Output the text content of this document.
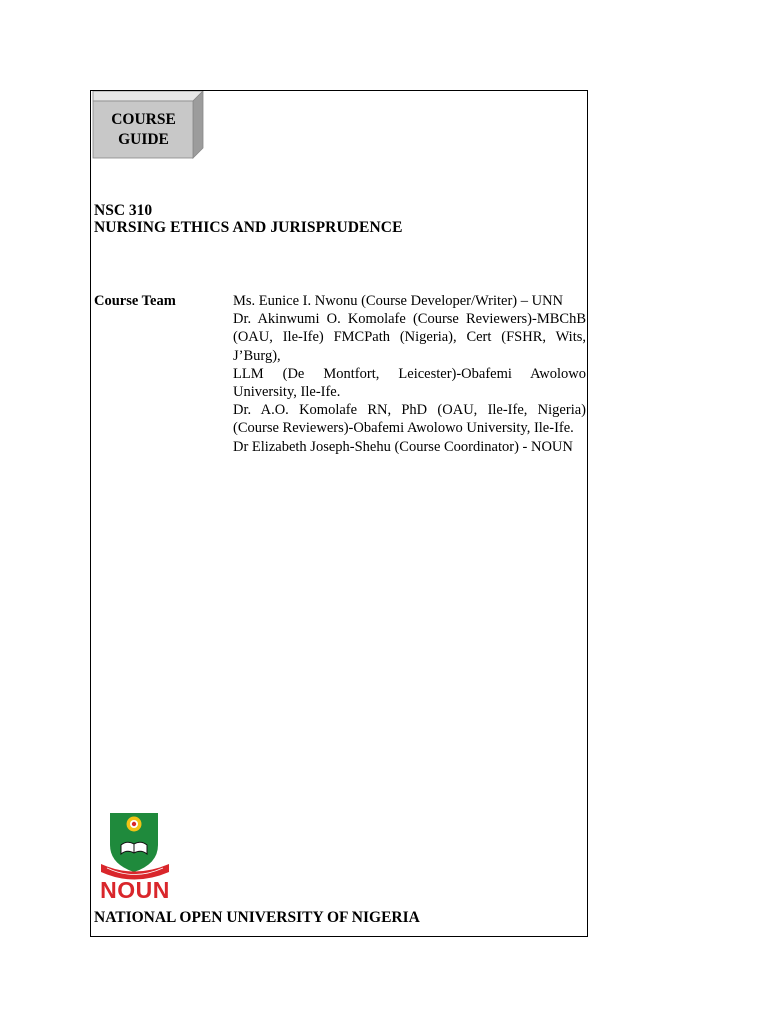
COURSE
GUIDE
NSC 310
NURSING ETHICS AND JURISPRUDENCE
Course Team	Ms. Eunice I. Nwonu (Course Developer/Writer) – UNN
Dr. Akinwumi O. Komolafe (Course Reviewers)-MBChB (OAU, Ile-Ife) FMCPath (Nigeria), Cert (FSHR, Wits, J’Burg),
LLM (De Montfort, Leicester)-Obafemi Awolowo University, Ile-Ife.
Dr. A.O. Komolafe RN, PhD (OAU, Ile-Ife, Nigeria) (Course Reviewers)-Obafemi Awolowo University, Ile-Ife.
Dr Elizabeth Joseph-Shehu (Course Coordinator) - NOUN
NOUN
NATIONAL OPEN UNIVERSITY OF NIGERIA
